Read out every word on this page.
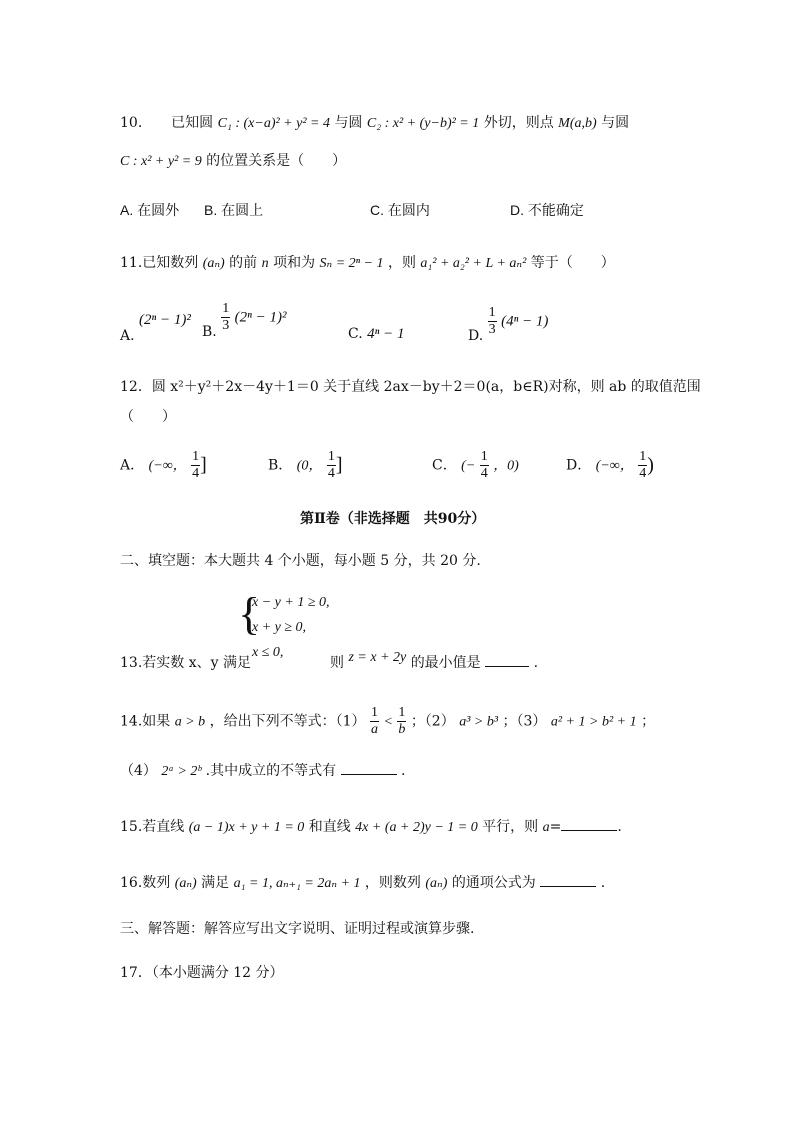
10. 已知圆 C₁ : (x−a)² + y² = 4 与圆 C₂ : x² + (y−b)² = 1 外切，则点 M(a,b) 与圆
C : x² + y² = 9 的位置关系是（　　）
A. 在圆外 B. 在圆上	C. 在圆内	D. 不能确定
11.已知数列 (aₙ) 的前 n 项和为 Sₙ = 2ⁿ − 1 ，则 a₁² + a₂² + L + aₙ² 等于（　　）
A. (2ⁿ − 1)²
B. $\frac{1}{3} (2^n - 1)^2$
C. 4ⁿ − 1	D. $\frac{1}{3} (4^n - 1)$
12．圆 x²＋y²＋2x－4y＋1＝0 关于直线 2ax－by＋2＝0(a，b∈R)对称，则 ab 的取值范围
（　　）
A． (−∞， $\frac{1}{4}$ ]	B． (0， $\frac{1}{4}$ ]	C． (− $\frac{1}{4}$ ，0)	D． (−∞， $\frac{1}{4}$ )
第Ⅱ卷（非选择题　共90分）
二、填空题：本大题共 4 个小题，每小题 5 分，共 20 分.
{
x − y + 1 ≥ 0,
x + y ≥ 0,
x ≤ 0,
13.若实数 x、y 满足	则 z = x + 2y 的最小值是	.
14.如果 a > b ，给出下列不等式：$(1) \frac{1}{a} < \frac{1}{b}$ ；（2） a³ > b³ ；（3） a² + 1 > b² + 1 ；
（4） 2ᵃ > 2ᵇ .其中成立的不等式有	.
15.若直线 (a − 1)x + y + 1 = 0 和直线 4x + (a + 2)y − 1 = 0 平行，则 a=	.
16.数列 (aₙ) 满足 a₁ = 1, aₙ₊₁ = 2aₙ + 1 ，则数列 (aₙ) 的通项公式为	.
三、解答题：解答应写出文字说明、证明过程或演算步骤.
17．（本小题满分 12 分）
